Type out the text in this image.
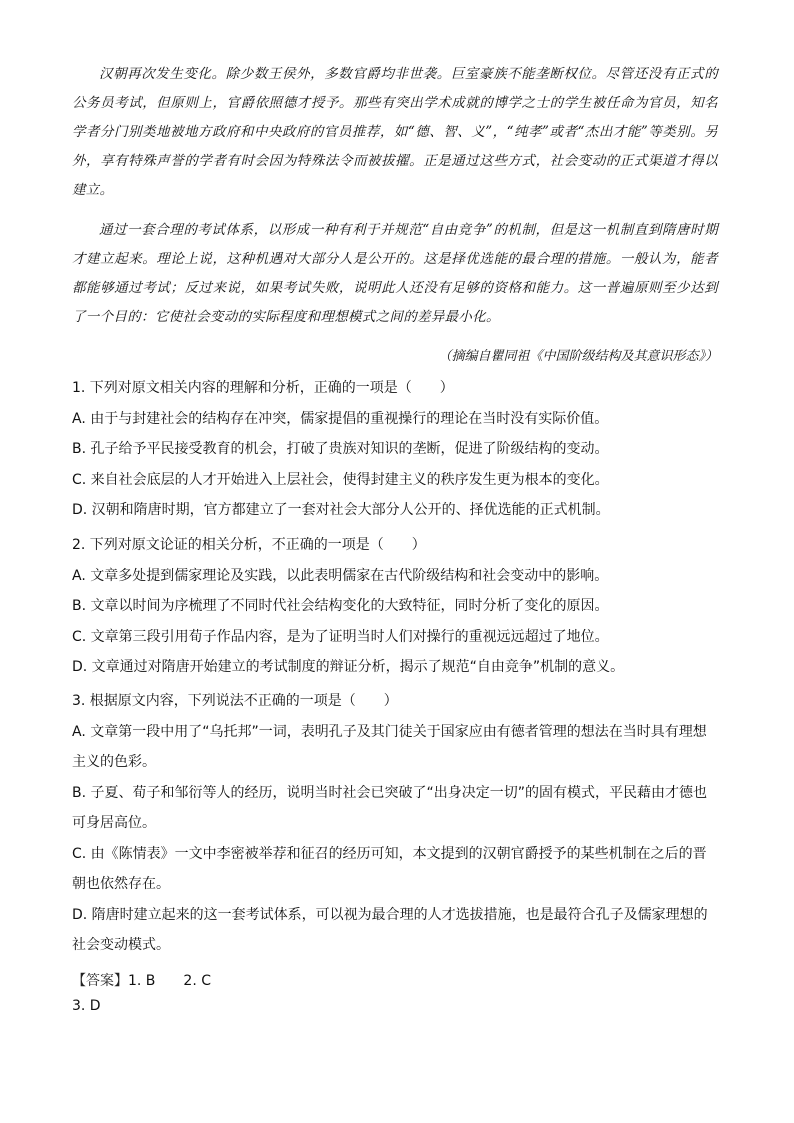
汉朝再次发生变化。除少数王侯外，多数官爵均非世袭。巨室豪族不能垄断权位。尽管还没有正式的公务员考试，但原则上，官爵依照德才授予。那些有突出学术成就的博学之士的学生被任命为官员，知名学者分门别类地被地方政府和中央政府的官员推荐，如“德、智、义”，“纯孝”或者“杰出才能”等类别。另外，享有特殊声誉的学者有时会因为特殊法令而被拔擢。正是通过这些方式，社会变动的正式渠道才得以建立。

通过一套合理的考试体系，以形成一种有利于并规范“自由竞争”的机制，但是这一机制直到隋唐时期才建立起来。理论上说，这种机遇对大部分人是公开的。这是择优选能的最合理的措施。一般认为，能者都能够通过考试；反过来说，如果考试失败，说明此人还没有足够的资格和能力。这一普遍原则至少达到了一个目的：它使社会变动的实际程度和理想模式之间的差异最小化。

（摘编自瞿同祖《中国阶级结构及其意识形态》）
1. 下列对原文相关内容的理解和分析，正确的一项是（　　）
A. 由于与封建社会的结构存在冲突，儒家提倡的重视操行的理论在当时没有实际价值。
B. 孔子给予平民接受教育的机会，打破了贵族对知识的垄断，促进了阶级结构的变动。
C. 来自社会底层的人才开始进入上层社会，使得封建主义的秩序发生更为根本的变化。
D. 汉朝和隋唐时期，官方都建立了一套对社会大部分人公开的、择优选能的正式机制。
2. 下列对原文论证的相关分析，不正确的一项是（　　）
A. 文章多处提到儒家理论及实践，以此表明儒家在古代阶级结构和社会变动中的影响。
B. 文章以时间为序梳理了不同时代社会结构变化的大致特征，同时分析了变化的原因。
C. 文章第三段引用荀子作品内容，是为了证明当时人们对操行的重视远远超过了地位。
D. 文章通过对隋唐开始建立的考试制度的辩证分析，揭示了规范“自由竞争”机制的意义。
3. 根据原文内容，下列说法不正确的一项是（　　）
A. 文章第一段中用了“乌托邦”一词，表明孔子及其门徒关于国家应由有德者管理的想法在当时具有理想主义的色彩。
B. 子夏、荀子和邹衍等人的经历，说明当时社会已突破了“出身决定一切”的固有模式，平民藉由才德也可身居高位。
C. 由《陈情表》一文中李密被举荐和征召的经历可知，本文提到的汉朝官爵授予的某些机制在之后的晋朝也依然存在。
D. 隋唐时建立起来的这一套考试体系，可以视为最合理的人才选拔措施，也是最符合孔子及儒家理想的社会变动模式。
【答案】1. B 2. C
3. D
